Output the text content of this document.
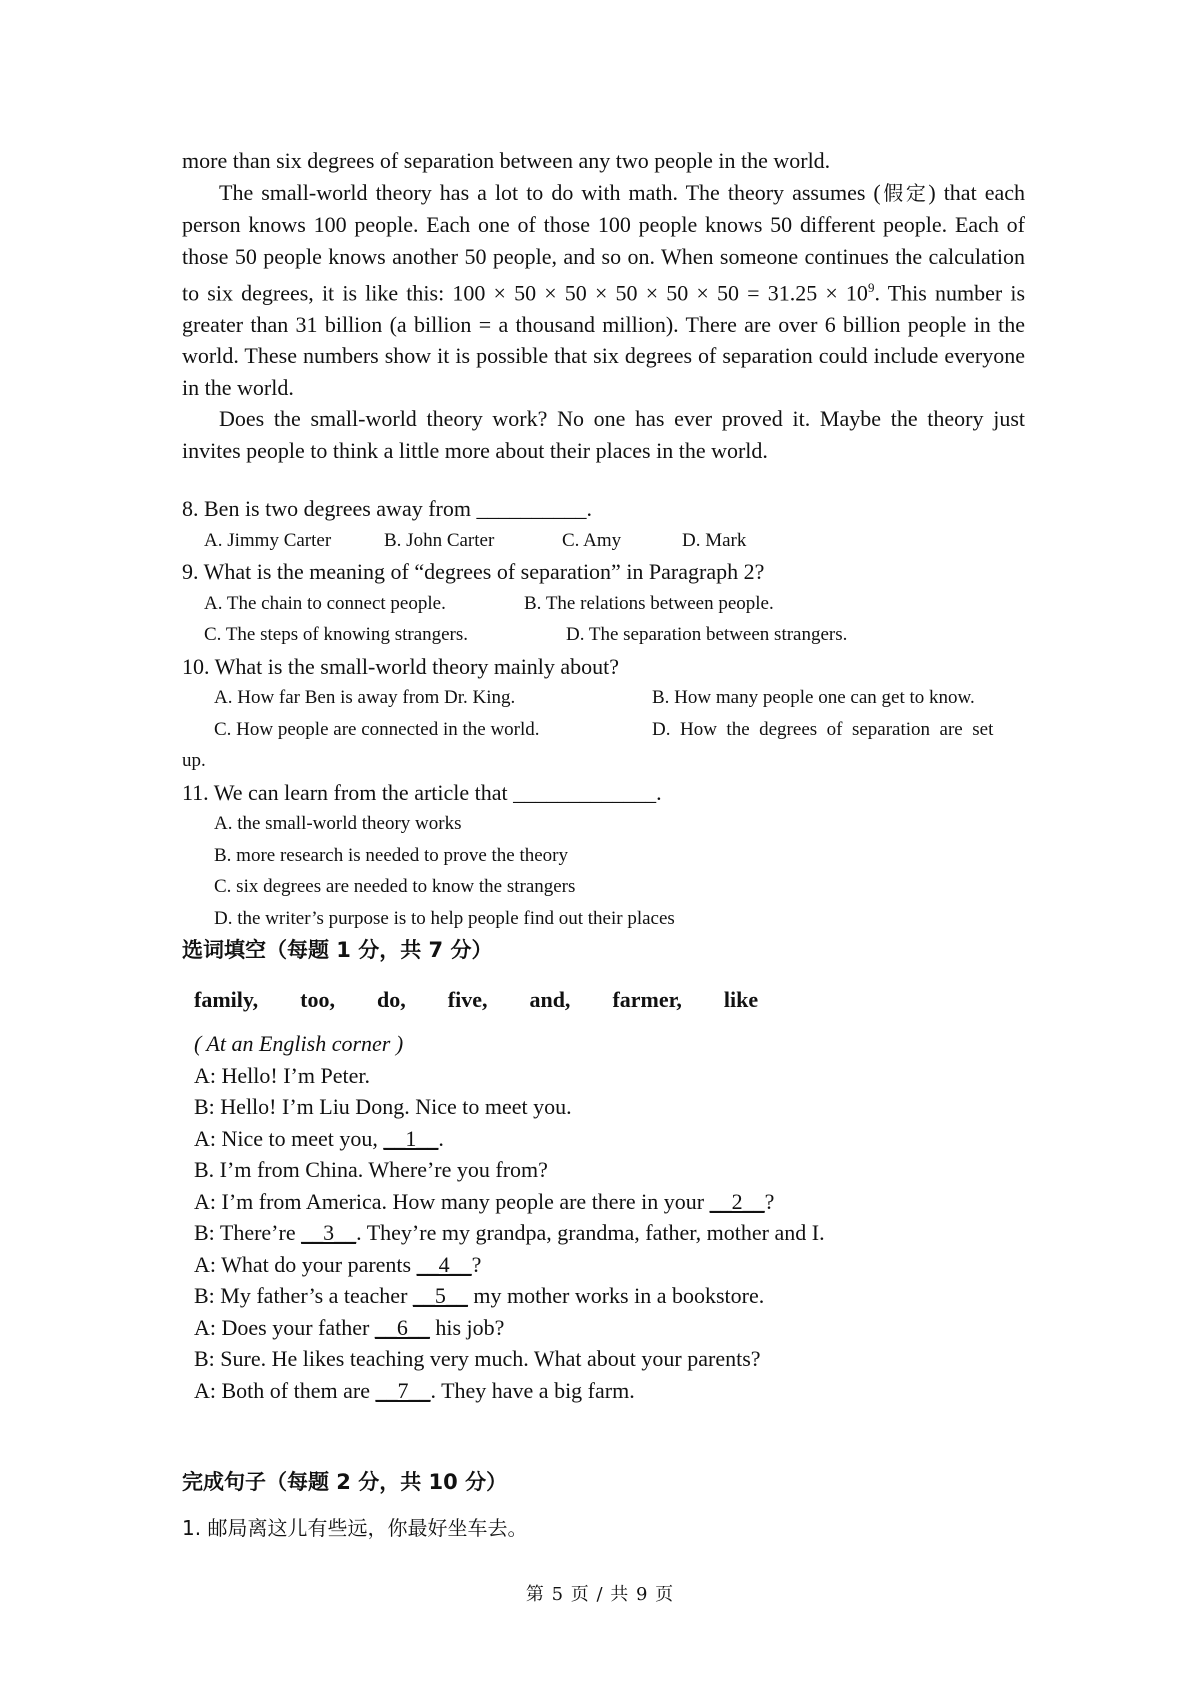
more than six degrees of separation between any two people in the world.

The small-world theory has a lot to do with math. The theory assumes (假定) that each person knows 100 people. Each one of those 100 people knows 50 different people. Each of those 50 people knows another 50 people, and so on. When someone continues the calculation to six degrees, it is like this: $100 \times 50 \times 50 \times 50 \times 50 \times 50 = 31.25 \times 10^9$. This number is greater than 31 billion (a billion = a thousand million). There are over 6 billion people in the world. These numbers show it is possible that six degrees of separation could include everyone in the world.

Does the small-world theory work? No one has ever proved it. Maybe the theory just invites people to think a little more about their places in the world.

8. Ben is two degrees away from __________.

A. Jimmy Carter	B. John Carter	C. Amy	D. Mark

9. What is the meaning of “degrees of separation” in Paragraph 2?

A. The chain to connect people.	B. The relations between people.
C. The steps of knowing strangers.	D. The separation between strangers.

10. What is the small-world theory mainly about?

A. How far Ben is away from Dr. King.	B. How many people one can get to know.
C. How people are connected in the world.	D.  How  the  degrees  of  separation  are  set

up.

11. We can learn from the article that _____________.

A. the small-world theory works

B. more research is needed to prove the theory

C. six degrees are needed to know the strangers

D. the writer’s purpose is to help people find out their places

选词填空（每题 1 分，共 7 分）

family, too, do, five, and, farmer, like

( At an English corner )

A: Hello! I’m Peter.

B: Hello! I’m Liu Dong. Nice to meet you.

A: Nice to meet you, __1__.

B. I’m from China. Where’re you from?

A: I’m from America. How many people are there in your __2__?

B: There’re __3__. They’re my grandpa, grandma, father, mother and I.

A: What do your parents __4__?

B: My father’s a teacher __5__ my mother works in a bookstore.

A: Does your father __6__ his job?

B: Sure. He likes teaching very much. What about your parents?

A: Both of them are __7__. They have a big farm.

完成句子（每题 2 分，共 10 分）

1. 邮局离这儿有些远，你最好坐车去。

第 5 页 / 共 9 页
